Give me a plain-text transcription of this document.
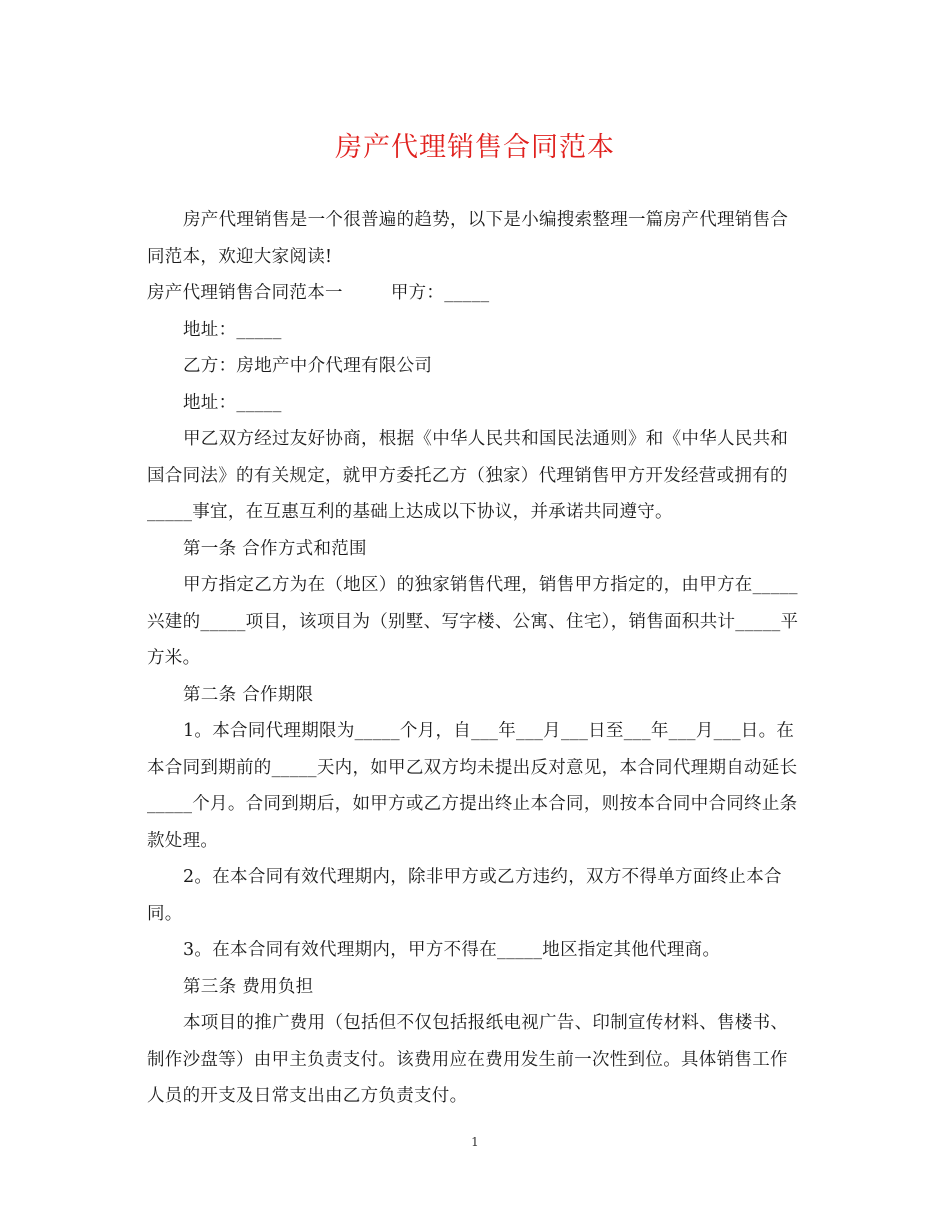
房产代理销售合同范本

房产代理销售是一个很普遍的趋势，以下是小编搜索整理一篇房产代理销售合同范本，欢迎大家阅读!

房产代理销售合同范本一	甲方：_____

地址：_____

乙方：房地产中介代理有限公司

地址：_____

甲乙双方经过友好协商，根据《中华人民共和国民法通则》和《中华人民共和国合同法》的有关规定，就甲方委托乙方（独家）代理销售甲方开发经营或拥有的_____事宜，在互惠互利的基础上达成以下协议，并承诺共同遵守。

第一条 合作方式和范围

甲方指定乙方为在（地区）的独家销售代理，销售甲方指定的，由甲方在_____兴建的_____项目，该项目为（别墅、写字楼、公寓、住宅），销售面积共计_____平方米。

第二条 合作期限

1。本合同代理期限为_____个月，自___年___月___日至___年___月___日。在本合同到期前的_____天内，如甲乙双方均未提出反对意见，本合同代理期自动延长_____个月。合同到期后，如甲方或乙方提出终止本合同，则按本合同中合同终止条款处理。

2。在本合同有效代理期内，除非甲方或乙方违约，双方不得单方面终止本合同。

3。在本合同有效代理期内，甲方不得在_____地区指定其他代理商。

第三条 费用负担

本项目的推广费用（包括但不仅包括报纸电视广告、印制宣传材料、售楼书、制作沙盘等）由甲主负责支付。该费用应在费用发生前一次性到位。具体销售工作人员的开支及日常支出由乙方负责支付。

1
